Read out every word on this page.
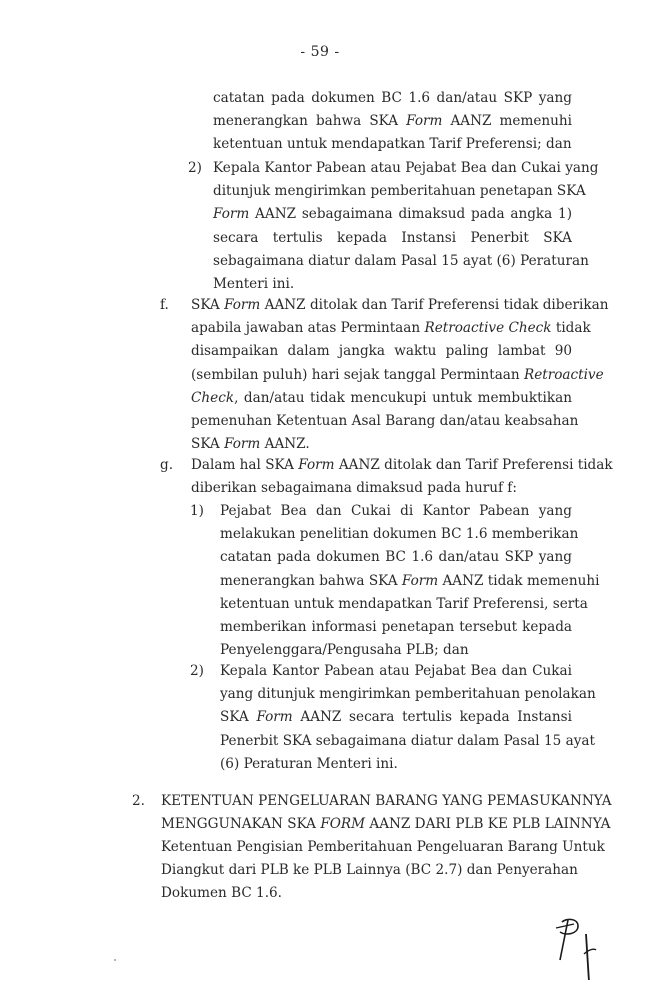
- 59 -
catatan pada dokumen BC 1.6 dan/atau SKP yang
menerangkan bahwa SKA Form AANZ memenuhi
ketentuan untuk mendapatkan Tarif Preferensi; dan
2) Kepala Kantor Pabean atau Pejabat Bea dan Cukai yang
ditunjuk mengirimkan pemberitahuan penetapan SKA
Form AANZ sebagaimana dimaksud pada angka 1)
secara tertulis kepada Instansi Penerbit SKA
sebagaimana diatur dalam Pasal 15 ayat (6) Peraturan
Menteri ini.
f. SKA Form AANZ ditolak dan Tarif Preferensi tidak diberikan
apabila jawaban atas Permintaan Retroactive Check tidak
disampaikan dalam jangka waktu paling lambat 90
(sembilan puluh) hari sejak tanggal Permintaan Retroactive
Check, dan/atau tidak mencukupi untuk membuktikan
pemenuhan Ketentuan Asal Barang dan/atau keabsahan
SKA Form AANZ.
g. Dalam hal SKA Form AANZ ditolak dan Tarif Preferensi tidak
diberikan sebagaimana dimaksud pada huruf f:
1) Pejabat Bea dan Cukai di Kantor Pabean yang
melakukan penelitian dokumen BC 1.6 memberikan
catatan pada dokumen BC 1.6 dan/atau SKP yang
menerangkan bahwa SKA Form AANZ tidak memenuhi
ketentuan untuk mendapatkan Tarif Preferensi, serta
memberikan informasi penetapan tersebut kepada
Penyelenggara/Pengusaha PLB; dan
2) Kepala Kantor Pabean atau Pejabat Bea dan Cukai
yang ditunjuk mengirimkan pemberitahuan penolakan
SKA Form AANZ secara tertulis kepada Instansi
Penerbit SKA sebagaimana diatur dalam Pasal 15 ayat
(6) Peraturan Menteri ini.
2. KETENTUAN PENGELUARAN BARANG YANG PEMASUKANNYA
MENGGUNAKAN SKA FORM AANZ DARI PLB KE PLB LAINNYA
Ketentuan Pengisian Pemberitahuan Pengeluaran Barang Untuk
Diangkut dari PLB ke PLB Lainnya (BC 2.7) dan Penyerahan
Dokumen BC 1.6.
